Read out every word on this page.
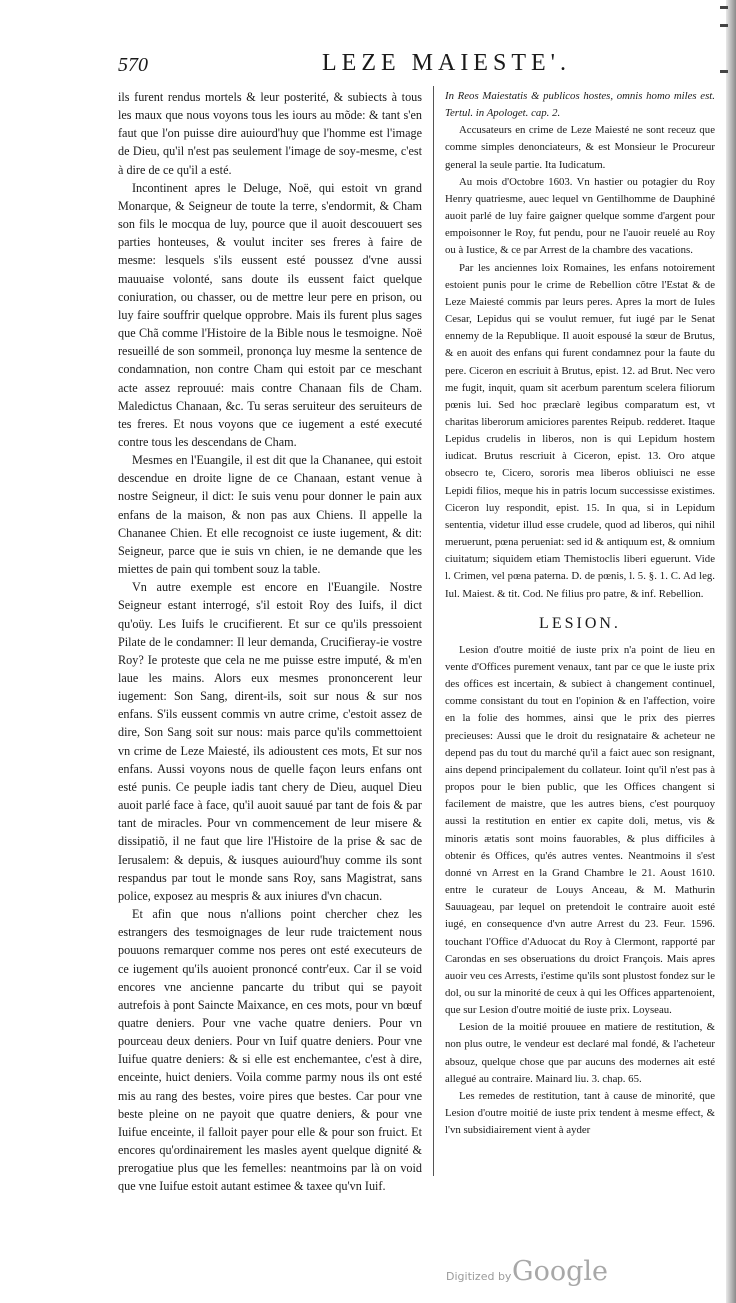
570	LEZE MAIESTE'.

ils furent rendus mortels & leur posterité, & subiects à tous les maux que nous voyons tous les iours au mõde: & tant s'en faut que l'on puisse dire auiourd'huy que l'homme est l'image de Dieu, qu'il n'est pas seulement l'image de soy-mesme, c'est à dire de ce qu'il a esté.

Incontinent apres le Deluge, Noë, qui estoit vn grand Monarque, & Seigneur de toute la terre, s'endormit, & Cham son fils le mocqua de luy, pource que il auoit descouuert ses parties honteuses, & voulut inciter ses freres à faire de mesme: lesquels s'ils eussent esté poussez d'vne aussi mauuaise volonté, sans doute ils eussent faict quelque coniuration, ou chasser, ou de mettre leur pere en prison, ou luy faire souffrir quelque opprobre. Mais ils furent plus sages que Chã comme l'Histoire de la Bible nous le tesmoigne. Noë resueillé de son sommeil, prononça luy mesme la sentence de condamnation, non contre Cham qui estoit par ce meschant acte assez reprouué: mais contre Chanaan fils de Cham. Maledictus Chanaan, &c. Tu seras seruiteur des seruiteurs de tes freres. Et nous voyons que ce iugement a esté executé contre tous les descendans de Cham.

Mesmes en l'Euangile, il est dit que la Chananee, qui estoit descendue en droite ligne de ce Chanaan, estant venue à nostre Seigneur, il dict: Ie suis venu pour donner le pain aux enfans de la maison, & non pas aux Chiens. Il appelle la Chananee Chien. Et elle recognoist ce iuste iugement, & dit: Seigneur, parce que ie suis vn chien, ie ne demande que les miettes de pain qui tombent souz la table.

Vn autre exemple est encore en l'Euangile. Nostre Seigneur estant interrogé, s'il estoit Roy des Iuifs, il dict qu'oüy. Les Iuifs le crucifierent. Et sur ce qu'ils pressoient Pilate de le condamner: Il leur demanda, Crucifieray-ie vostre Roy? Ie proteste que cela ne me puisse estre imputé, & m'en laue les mains. Alors eux mesmes prononcerent leur iugement: Son Sang, dirent-ils, soit sur nous & sur nos enfans. S'ils eussent commis vn autre crime, c'estoit assez de dire, Son Sang soit sur nous: mais parce qu'ils commettoient vn crime de Leze Maiesté, ils adioustent ces mots, Et sur nos enfans. Aussi voyons nous de quelle façon leurs enfans ont esté punis. Ce peuple iadis tant chery de Dieu, auquel Dieu auoit parlé face à face, qu'il auoit sauué par tant de fois & par tant de miracles. Pour vn commencement de leur misere & dissipatiõ, il ne faut que lire l'Histoire de la prise & sac de Ierusalem: & depuis, & iusques auiourd'huy comme ils sont respandus par tout le monde sans Roy, sans Magistrat, sans police, exposez au mespris & aux iniures d'vn chacun.

Et afin que nous n'allions point chercher chez les estrangers des tesmoignages de leur rude traictement nous pouuons remarquer comme nos peres ont esté executeurs de ce iugement qu'ils auoient prononcé contr'eux. Car il se void encores vne ancienne pancarte du tribut qui se payoit autrefois à pont Saincte Maixance, en ces mots, pour vn bœuf quatre deniers. Pour vne vache quatre deniers. Pour vn pourceau deux deniers. Pour vn Iuif quatre deniers. Pour vne Iuifue quatre deniers: & si elle est enchemantee, c'est à dire, enceinte, huict deniers. Voila comme parmy nous ils ont esté mis au rang des bestes, voire pires que bestes. Car pour vne beste pleine on ne payoit que quatre deniers, & pour vne Iuifue enceinte, il falloit payer pour elle & pour son fruict. Et encores qu'ordinairement les masles ayent quelque dignité & prerogatiue plus que les femelles: neantmoins par là on void que vne Iuifue estoit autant estimee & taxee qu'vn Iuif.

In Reos Maiestatis & publicos hostes, omnis homo miles est. Tertul. in Apologet. cap. 2.

Accusateurs en crime de Leze Maiesté ne sont receuz que comme simples denonciateurs, & est Monsieur le Procureur general la seule partie. Ita Iudicatum.

Au mois d'Octobre 1603. Vn hastier ou potagier du Roy Henry quatriesme, auec lequel vn Gentilhomme de Dauphiné auoit parlé de luy faire gaigner quelque somme d'argent pour empoisonner le Roy, fut pendu, pour ne l'auoir reuelé au Roy ou à Iustice, & ce par Arrest de la chambre des vacations.

Par les anciennes loix Romaines, les enfans notoirement estoient punis pour le crime de Rebellion cõtre l'Estat & de Leze Maiesté commis par leurs peres. Apres la mort de Iules Cesar, Lepidus qui se voulut remuer, fut iugé par le Senat ennemy de la Republique. Il auoit espousé la sœur de Brutus, & en auoit des enfans qui furent condamnez pour la faute du pere. Ciceron en escriuit à Brutus, epist. 12. ad Brut. Nec vero me fugit, inquit, quam sit acerbum parentum scelera filiorum pœnis lui. Sed hoc præclarè legibus comparatum est, vt charitas liberorum amiciores parentes Reipub. redderet. Itaque Lepidus crudelis in liberos, non is qui Lepidum hostem iudicat. Brutus rescriuit à Ciceron, epist. 13. Oro atque obsecro te, Cicero, sororis mea liberos obliuisci ne esse Lepidi filios, meque his in patris locum successisse existimes. Ciceron luy respondit, epist. 15. In qua, si in Lepidum sententia, videtur illud esse crudele, quod ad liberos, qui nihil meruerunt, pœna perueniat: sed id & antiquum est, & omnium ciuitatum; siquidem etiam Themistoclis liberi eguerunt. Vide l. Crimen, vel pœna paterna. D. de pœnis, l. 5. §. 1. C. Ad leg. Iul. Maiest. & tit. Cod. Ne filius pro patre, & inf. Rebellion.

LESION.

Lesion d'outre moitié de iuste prix n'a point de lieu en vente d'Offices purement venaux, tant par ce que le iuste prix des offices est incertain, & subiect à changement continuel, comme consistant du tout en l'opinion & en l'affection, voire en la folie des hommes, ainsi que le prix des pierres precieuses: Aussi que le droit du resignataire & acheteur ne depend pas du tout du marché qu'il a faict auec son resignant, ains depend principalement du collateur. Ioint qu'il n'est pas à propos pour le bien public, que les Offices changent si facilement de maistre, que les autres biens, c'est pourquoy aussi la restitution en entier ex capite doli, metus, vis & minoris ætatis sont moins fauorables, & plus difficiles à obtenir és Offices, qu'és autres ventes. Neantmoins il s'est donné vn Arrest en la Grand Chambre le 21. Aoust 1610. entre le curateur de Louys Anceau, & M. Mathurin Sauuageau, par lequel on pretendoit le contraire auoit esté iugé, en consequence d'vn autre Arrest du 23. Feur. 1596. touchant l'Office d'Aduocat du Roy à Clermont, rapporté par Carondas en ses obseruations du droict François. Mais apres auoir veu ces Arrests, i'estime qu'ils sont plustost fondez sur le dol, ou sur la minorité de ceux à qui les Offices appartenoient, que sur Lesion d'outre moitié de iuste prix. Loyseau.

Lesion de la moitié prouuee en matiere de restitution, & non plus outre, le vendeur est declaré mal fondé, & l'acheteur absouz, quelque chose que par aucuns des modernes ait esté allegué au contraire. Mainard liu. 3. chap. 65.

Les remedes de restitution, tant à cause de minorité, que Lesion d'outre moitié de iuste prix tendent à mesme effect, & l'vn subsidiairement vient à ayder

Digitized by Google
